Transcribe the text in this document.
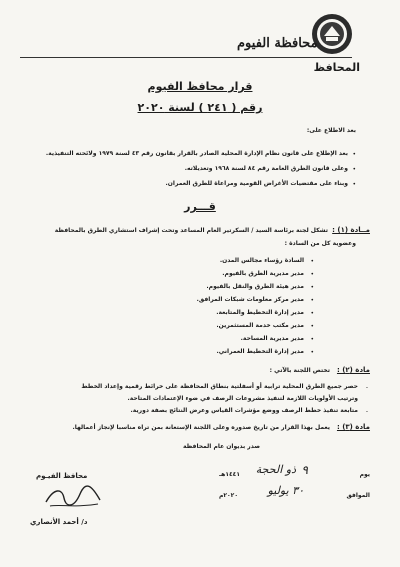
محافظة الفيوم
المحافظ
قرار محافظ الفيوم
رقم ( ٢٤١ ) لسنة ٢٠٢٠
بعد الاطلاع على:
•
بعد الإطلاع على قانون نظام الإدارة المحلية الصادر بالقرار بقانون رقم ٤٣ لسنة ١٩٧٩ ولائحته التنفيذية.
•
وعلى قانون الطرق العامة رقم ٨٤ لسنة ١٩٦٨ وتعديلاته.
•
وبناء على مقتضيات الأغراض القومية ومراعاة للطرق العمران.
قـــرر
مــادة (١) :
تشكل لجنة برئاسة السيد / السكرتير العام المساعد وتحت إشراف استشاري الطرق بالمحافظة
وعضوية كل من السادة :
•
السادة رؤساء مجالس المدن.
•
مدير مديرية الطرق بالفيوم.
•
مدير هيئة الطرق والنقل بالفيوم.
•
مدير مركز معلومات شبكات المرافق.
•
مدير إدارة التخطيط والمتابعة.
•
مدير مكتب خدمة المستثمرين.
•
مدير مديرية المساحة.
•
مدير إدارة التخطيط العمراني.
مادة (٢) :
تختص اللجنة بالآتي :
-
حصر جميع الطرق المحلية ترابية أو أسفلتية بنطاق المحافظة على خرائط رقمية وإعداد الخطط
وترتيب الأولويات اللازمة لتنفيذ مشروعات الرصف في ضوء الإعتمادات المتاحة.
-
متابعة تنفيذ خطط الرصف ووضع مؤشرات القياس وعرض النتائج بصفة دورية.
مادة (٣) :
يعمل بهذا القرار من تاريخ صدوره وعلى اللجنة الإستعانة بمن تراه مناسبا لإنجاز أعمالها.
صدر بديوان عام المحافظة
يوم
٩
ذو الحجة
١٤٤١هـ
الموافق
٣٠ يوليو
٢٠٢٠م
محافظ الفيـوم
د/ أحمد الأنصاري
